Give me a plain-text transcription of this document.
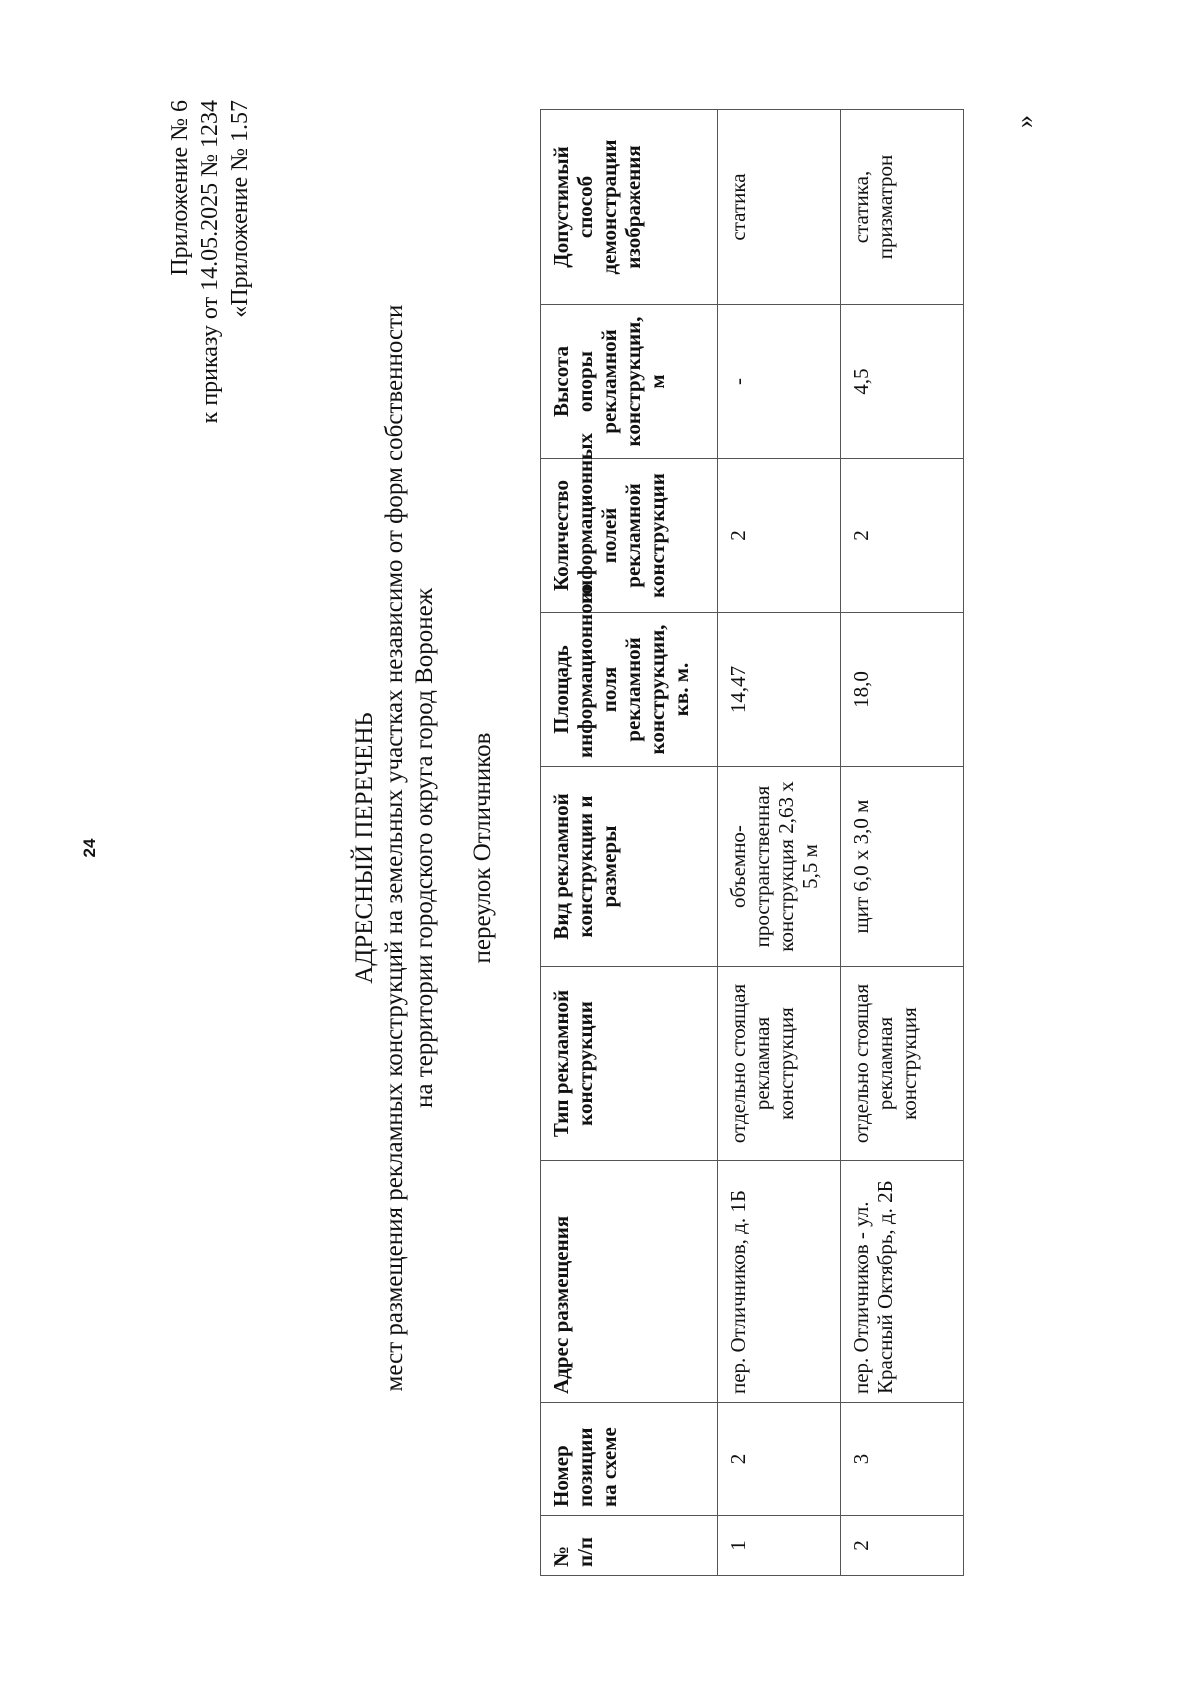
24
Приложение № 6 к приказу от 14.05.2025 № 1234 «Приложение № 1.57
АДРЕСНЫЙ ПЕРЕЧЕНЬ мест размещения рекламных конструкций на земельных участках независимо от форм собственности на территории городского округа город Воронеж переулок Отличников
№ п/п	Номер позиции на схеме	Адрес размещения	Тип рекламной конструкции	Вид рекламной конструкции и размеры	Площадь информационного поля рекламной конструкции, кв. м.	Количество информационных полей рекламной конструкции	Высота опоры рекламной конструкции, м	Допустимый способ демонстрации изображения
1	2	пер. Отличников, д. 1Б	отдельно стоящая рекламная конструкция	объемно-пространственная конструкция 2,63 х 5,5 м	14,47	2	-	статика
2	3	пер. Отличников - ул. Красный Октябрь, д. 2Б	отдельно стоящая рекламная конструкция	щит 6,0 х 3,0 м	18,0	2	4,5	статика, призматрон
»
